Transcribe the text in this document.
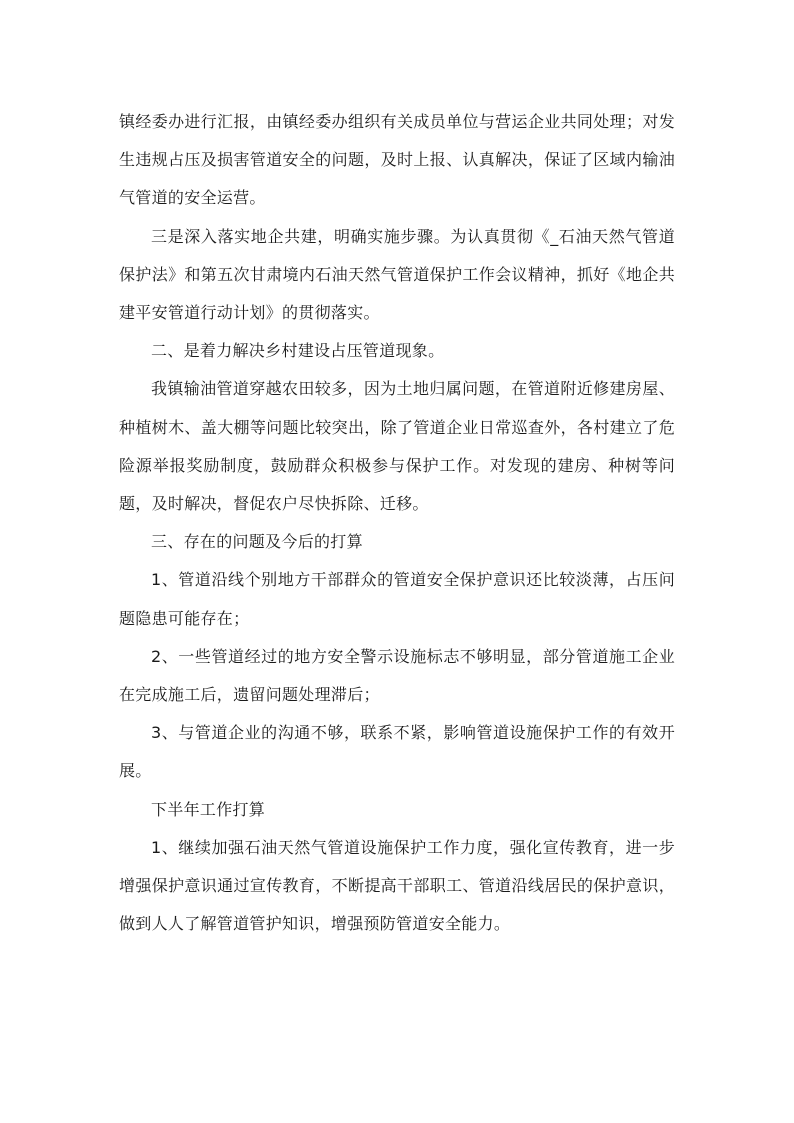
镇经委办进行汇报，由镇经委办组织有关成员单位与营运企业共同处理；对发生违规占压及损害管道安全的问题，及时上报、认真解决，保证了区域内输油气管道的安全运营。

三是深入落实地企共建，明确实施步骤。为认真贯彻《_石油天然气管道保护法》和第五次甘肃境内石油天然气管道保护工作会议精神，抓好《地企共建平安管道行动计划》的贯彻落实。

二、是着力解决乡村建设占压管道现象。

我镇输油管道穿越农田较多，因为土地归属问题，在管道附近修建房屋、种植树木、盖大棚等问题比较突出，除了管道企业日常巡查外，各村建立了危险源举报奖励制度，鼓励群众积极参与保护工作。对发现的建房、种树等问题，及时解决，督促农户尽快拆除、迁移。

三、存在的问题及今后的打算

1、管道沿线个别地方干部群众的管道安全保护意识还比较淡薄，占压问题隐患可能存在；

2、一些管道经过的地方安全警示设施标志不够明显，部分管道施工企业在完成施工后，遗留问题处理滞后；

3、与管道企业的沟通不够，联系不紧，影响管道设施保护工作的有效开展。

下半年工作打算

1、继续加强石油天然气管道设施保护工作力度，强化宣传教育，进一步增强保护意识通过宣传教育，不断提高干部职工、管道沿线居民的保护意识，做到人人了解管道管护知识，增强预防管道安全能力。
